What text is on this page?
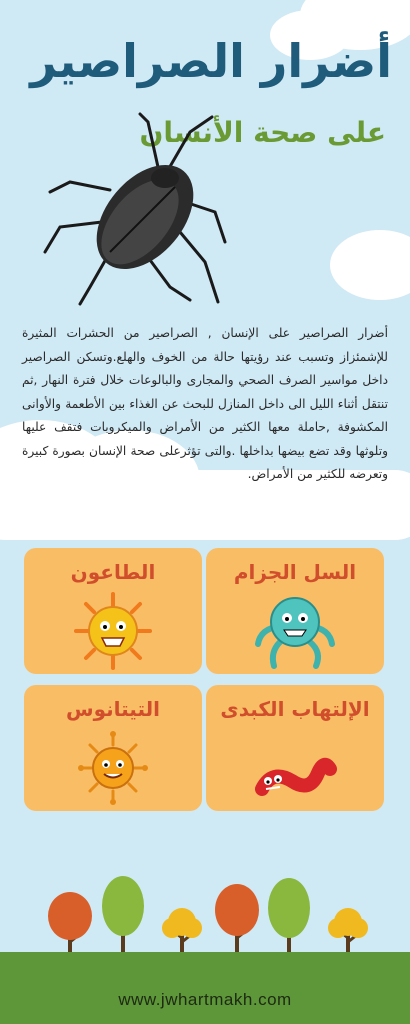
أضرار الصراصير
على صحة الأنسان

أضرار الصراصير على الإنسان , الصراصير من الحشرات المثيرة للإشمئزاز وتسبب عند رؤيتها حالة من الخوف والهلع.وتسكن الصراصير داخل مواسير الصرف الصحي والمجارى والبالوعات خلال فترة النهار ,ثم تنتقل أثناء الليل الى داخل المنازل للبحث عن الغذاء بين الأطعمة والأوانى المكشوفة ,حاملة معها الكثير من الأمراض والميكروبات فتقف عليها وتلوثها وقد تضع بيضها بداخلها .والتى تؤثرعلى صحة الإنسان بصورة كبيرة وتعرضه للكثير من الأمراض.

السل الجزام
الطاعون
الإلتهاب الكبدى
التيتانوس
www.jwhartmakh.com
